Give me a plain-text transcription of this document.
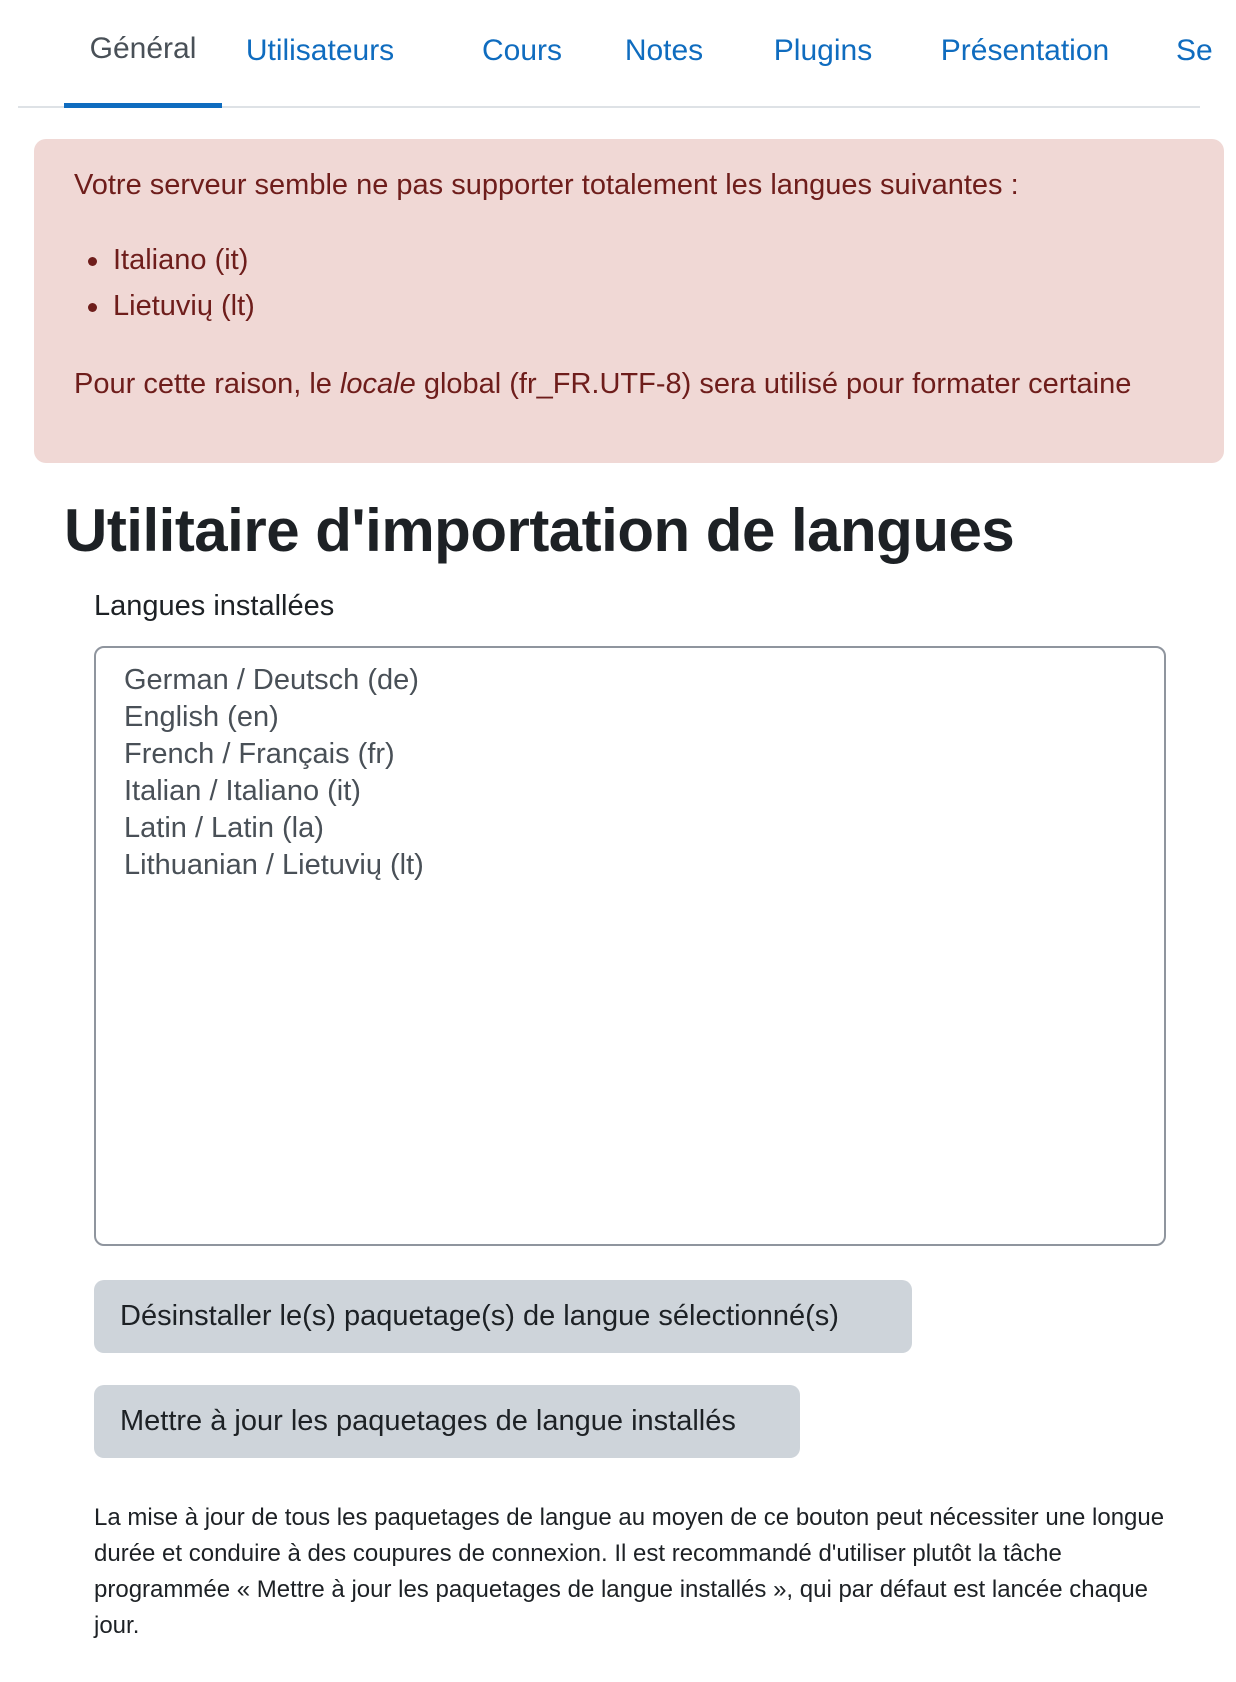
Général	Utilisateurs	Cours Notes Plugins Présentation Se
Votre serveur semble ne pas supporter totalement les langues suivantes :
Italiano (it)
Lietuvių (lt)
Pour cette raison, le locale global (fr_FR.UTF-8) sera utilisé pour formater certaine
Utilitaire d'importation de langues
Langues installées
German / Deutsch (de)
English (en)
French / Français (fr)
Italian / Italiano (it)
Latin / Latin (la)
Lithuanian / Lietuvių (lt)
Désinstaller le(s) paquetage(s) de langue sélectionné(s)
Mettre à jour les paquetages de langue installés

La mise à jour de tous les paquetages de langue au moyen de ce bouton peut nécessiter une longue durée et conduire à des coupures de connexion. Il est recommandé d'utiliser plutôt la tâche programmée « Mettre à jour les paquetages de langue installés », qui par défaut est lancée chaque jour.
